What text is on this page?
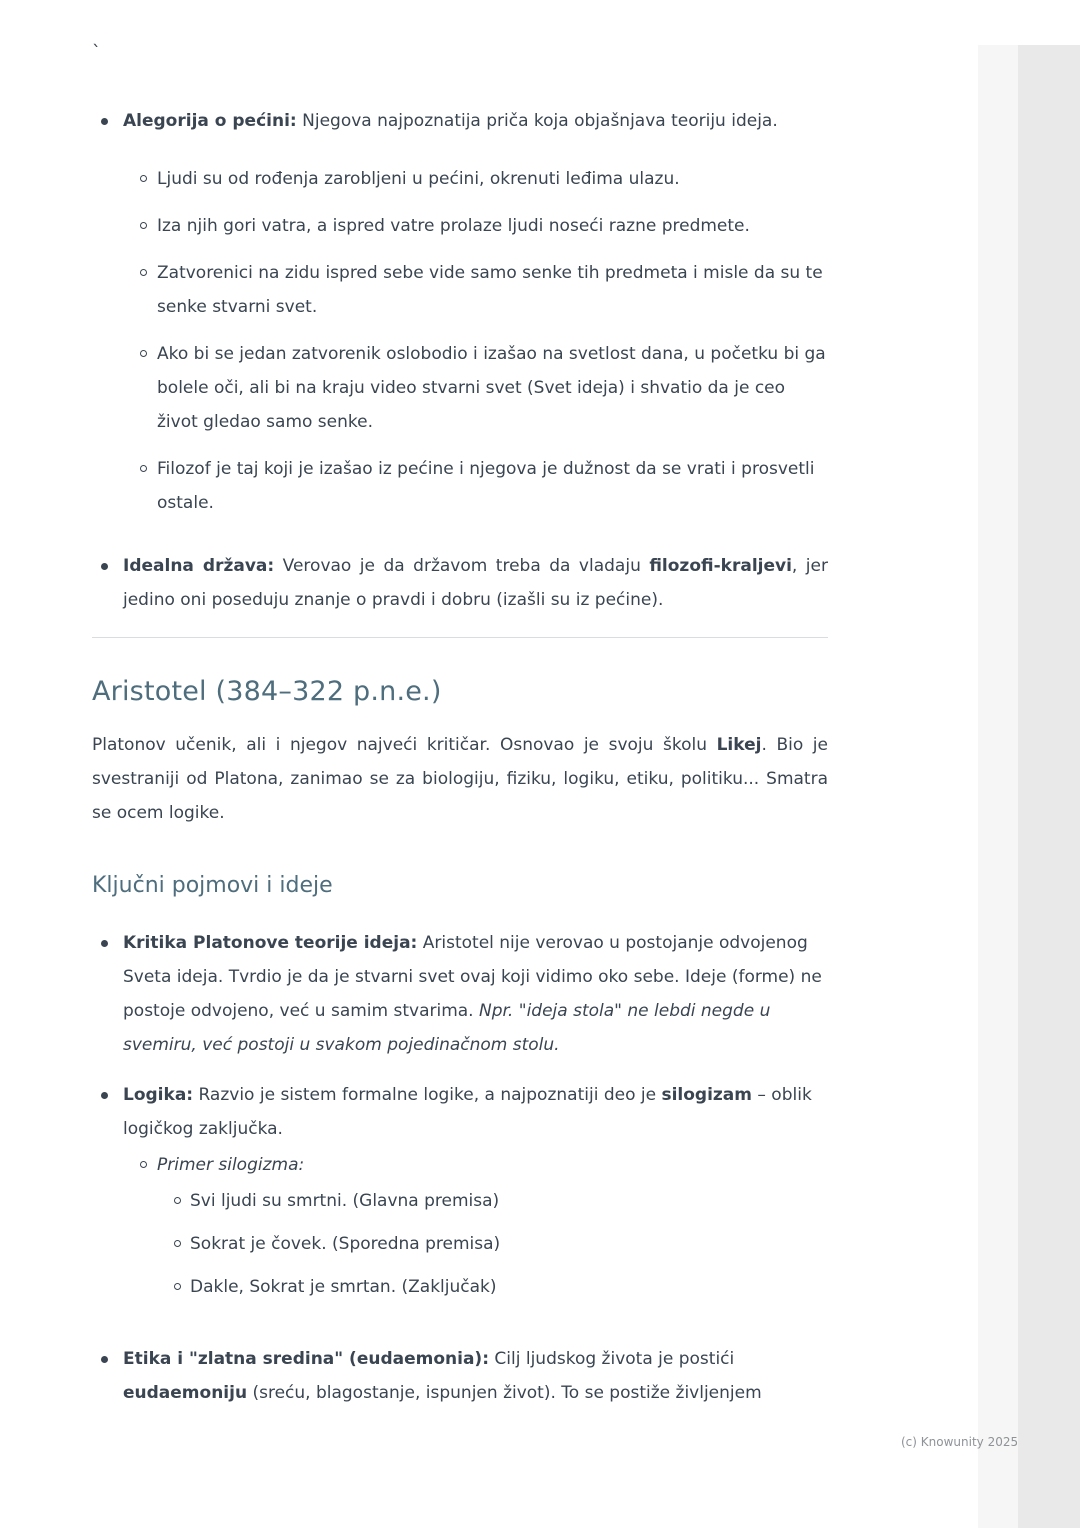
`

Alegorija o pećini: Njegova najpoznatija priča koja objašnjava teoriju ideja.

Ljudi su od rođenja zarobljeni u pećini, okrenuti leđima ulazu.

Iza njih gori vatra, a ispred vatre prolaze ljudi noseći razne predmete.

Zatvorenici na zidu ispred sebe vide samo senke tih predmeta i misle da su te senke stvarni svet.

Ako bi se jedan zatvorenik oslobodio i izašao na svetlost dana, u početku bi ga bolele oči, ali bi na kraju video stvarni svet (Svet ideja) i shvatio da je ceo život gledao samo senke.

Filozof je taj koji je izašao iz pećine i njegova je dužnost da se vrati i prosvetli ostale.

Idealna država: Verovao je da državom treba da vladaju filozofi-kraljevi, jer jedino oni poseduju znanje o pravdi i dobru (izašli su iz pećine).

Aristotel (384–322 p.n.e.)

Platonov učenik, ali i njegov najveći kritičar. Osnovao je svoju školu Likej. Bio je svestraniji od Platona, zanimao se za biologiju, fiziku, logiku, etiku, politiku... Smatra se ocem logike.

Ključni pojmovi i ideje

Kritika Platonove teorije ideja: Aristotel nije verovao u postojanje odvojenog Sveta ideja. Tvrdio je da je stvarni svet ovaj koji vidimo oko sebe. Ideje (forme) ne postoje odvojeno, već u samim stvarima. Npr. "ideja stola" ne lebdi negde u svemiru, već postoji u svakom pojedinačnom stolu.

Logika: Razvio je sistem formalne logike, a najpoznatiji deo je silogizam – oblik logičkog zaključka.

Primer silogizma:

Svi ljudi su smrtni. (Glavna premisa)

Sokrat je čovek. (Sporedna premisa)

Dakle, Sokrat je smrtan. (Zaključak)

Etika i "zlatna sredina" (eudaemonia): Cilj ljudskog života je postići eudaemoniju (sreću, blagostanje, ispunjen život). To se postiže življenjem

(c) Knowunity 2025
